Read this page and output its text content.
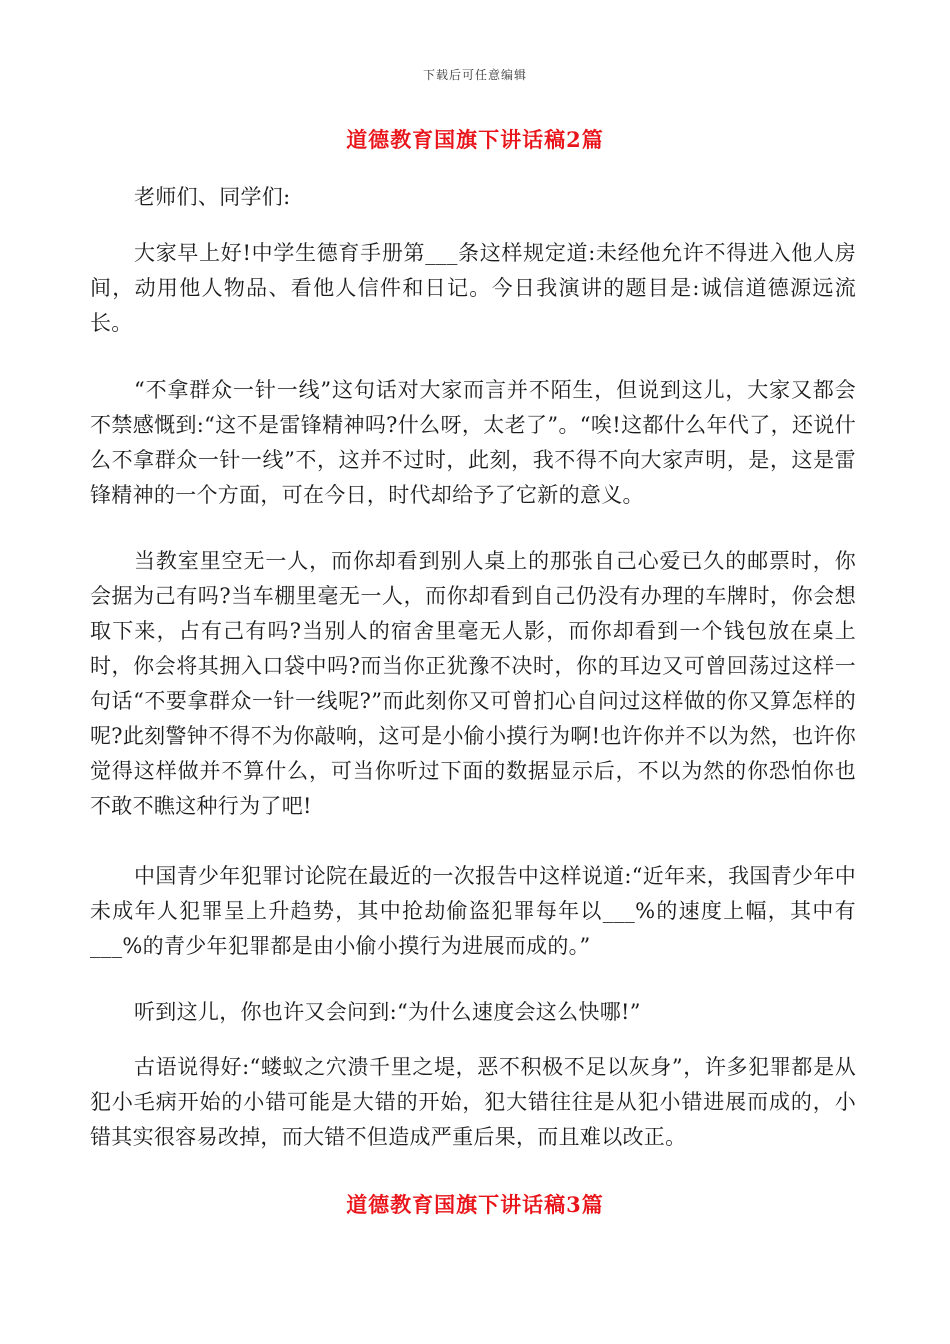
下载后可任意编辑
道德教育国旗下讲话稿2篇
老师们、同学们:
大家早上好!中学生德育手册第___条这样规定道:未经他允许不得进入他人房间，动用他人物品、看他人信件和日记。今日我演讲的题目是:诚信道德源远流长。
“不拿群众一针一线”这句话对大家而言并不陌生，但说到这儿，大家又都会不禁感慨到:“这不是雷锋精神吗?什么呀，太老了”。“唉!这都什么年代了，还说什么不拿群众一针一线”不，这并不过时，此刻，我不得不向大家声明，是，这是雷锋精神的一个方面，可在今日，时代却给予了它新的意义。
当教室里空无一人，而你却看到别人桌上的那张自己心爱已久的邮票时，你会据为己有吗?当车棚里毫无一人，而你却看到自己仍没有办理的车牌时，你会想取下来，占有己有吗?当别人的宿舍里毫无人影，而你却看到一个钱包放在桌上时，你会将其拥入口袋中吗?而当你正犹豫不决时，你的耳边又可曾回荡过这样一句话“不要拿群众一针一线呢?”而此刻你又可曾扪心自问过这样做的你又算怎样的呢?此刻警钟不得不为你敲响，这可是小偷小摸行为啊!也许你并不以为然，也许你觉得这样做并不算什么，可当你听过下面的数据显示后，不以为然的你恐怕你也不敢不瞧这种行为了吧!
中国青少年犯罪讨论院在最近的一次报告中这样说道:“近年来，我国青少年中未成年人犯罪呈上升趋势，其中抢劫偷盗犯罪每年以___%的速度上幅，其中有___%的青少年犯罪都是由小偷小摸行为进展而成的。”
听到这儿，你也许又会问到:“为什么速度会这么快哪!”
古语说得好:“蝼蚁之穴溃千里之堤，恶不积极不足以灰身”，许多犯罪都是从犯小毛病开始的小错可能是大错的开始，犯大错往往是从犯小错进展而成的，小错其实很容易改掉，而大错不但造成严重后果，而且难以改正。
道德教育国旗下讲话稿3篇
